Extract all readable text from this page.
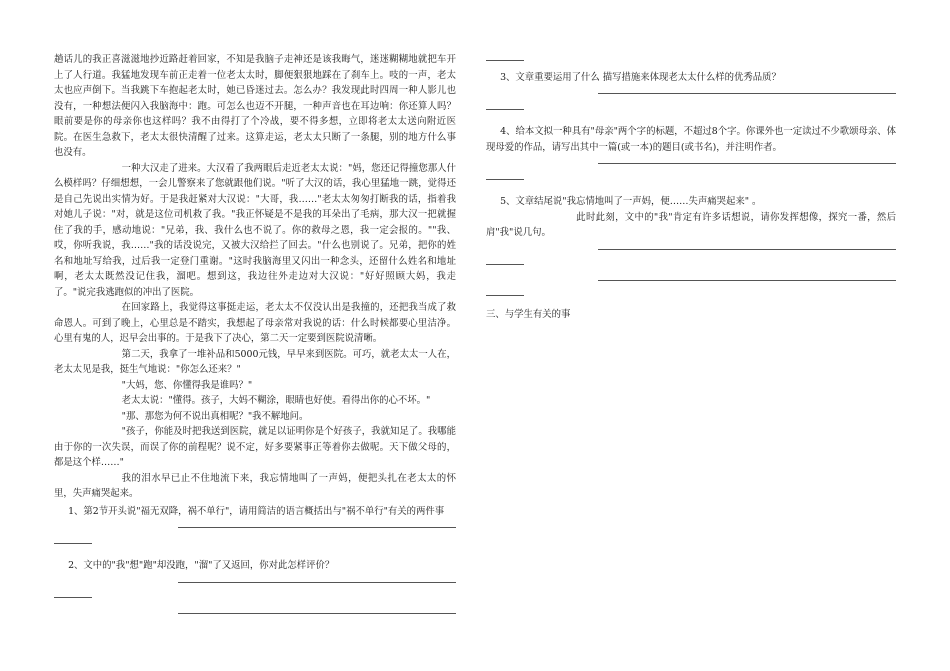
趟话儿的我正喜滋滋地抄近路赶着回家，不知是我脑子走神还是该我晦气，迷迷糊糊地就把车开上了人行道。我猛地发现车前正走着一位老太太时，脚便狠狠地踩在了刹车上。吱的一声，老太太也应声倒下。当我跳下车抱起老太时，她已昏迷过去。怎么办？我发现此时四周一种人影儿也没有，一种想法便闪入我脑海中：跑。可怎么也迈不开腿，一种声音也在耳边响：你还算人吗？眼前要是你的母亲你也这样吗？我不由得打了个冷战，要不得多想，立即将老太太送向附近医院。在医生急救下，老太太很快清醒了过来。这算走运，老太太只断了一条腿，别的地方什么事也没有。

一种大汉走了进来。大汉看了我两眼后走近老太太说："妈，您还记得撞您那人什么模样吗？仔细想想，一会儿警察来了您就跟他们说。"听了大汉的话，我心里猛地一跳，觉得还是自己先说出实情为好。于是我赶紧对大汉说："大哥，我……"老太太匆匆打断我的话，指着我对她儿子说："对，就是这位司机救了我。"我正怀疑是不是我的耳朵出了毛病，那大汉一把就握住了我的手，感动地说："兄弟，我、我什么也不说了。你的救母之恩，我一定会报的。""我、哎，你听我说，我……"我的话没说完，又被大汉给拦了回去。"什么也别说了。兄弟，把你的姓名和地址写给我，过后我一定登门重谢。"这时我脑海里又闪出一种念头，还留什么姓名和地址啊，老太太既然没记住我，溜吧。想到这，我边往外走边对大汉说："好好照顾大妈，我走了。"说完我逃跑似的冲出了医院。

在回家路上，我觉得这事挺走运，老太太不仅没认出是我撞的，还把我当成了救命恩人。可到了晚上，心里总是不踏实，我想起了母亲常对我说的话：什么时候都要心里洁净。心里有鬼的人，迟早会出事的。于是我下了决心，第二天一定要到医院说清晰。

第二天，我拿了一堆补品和5000元钱，早早来到医院。可巧，就老太太一人在，老太太见是我，挺生气地说："你怎么还来？"

"大妈，您、你懂得我是谁吗？"

老太太说："懂得。孩子，大妈不糊涂，眼睛也好使。看得出你的心不坏。"

"那、那您为何不说出真相呢？"我不解地问。

"孩子，你能及时把我送到医院，就足以证明你是个好孩子，我就知足了。我哪能由于你的一次失误，而误了你的前程呢？说不定，好多要紧事正等着你去做呢。天下做父母的，都是这个样……"

我的泪水早已止不住地流下来，我忘情地叫了一声妈，便把头扎在老太太的怀里，失声痛哭起来。

1、第2节开头说"福无双降，祸不单行"，请用简洁的语言概括出与"祸不单行"有关的两件事

2、文中的"我"想"跑"却没跑，"溜"了又返回，你对此怎样评价？

3、文章重要运用了什么 描写措施来体现老太太什么样的优秀品质？

4、给本文拟一种具有"母亲"两个字的标题，不超过8个字。你课外也一定读过不少歌颂母亲、体现母爱的作品，请写出其中一篇(或一本)的题目(或书名)，并注明作者。

5、文章结尾说"我忘情地叫了一声妈，便……失声痛哭起来" 。

此时此刻，文中的"我"肯定有许多话想说，请你发挥想像，探究一番，然后肩"我"说几句。

三、与学生有关的事
